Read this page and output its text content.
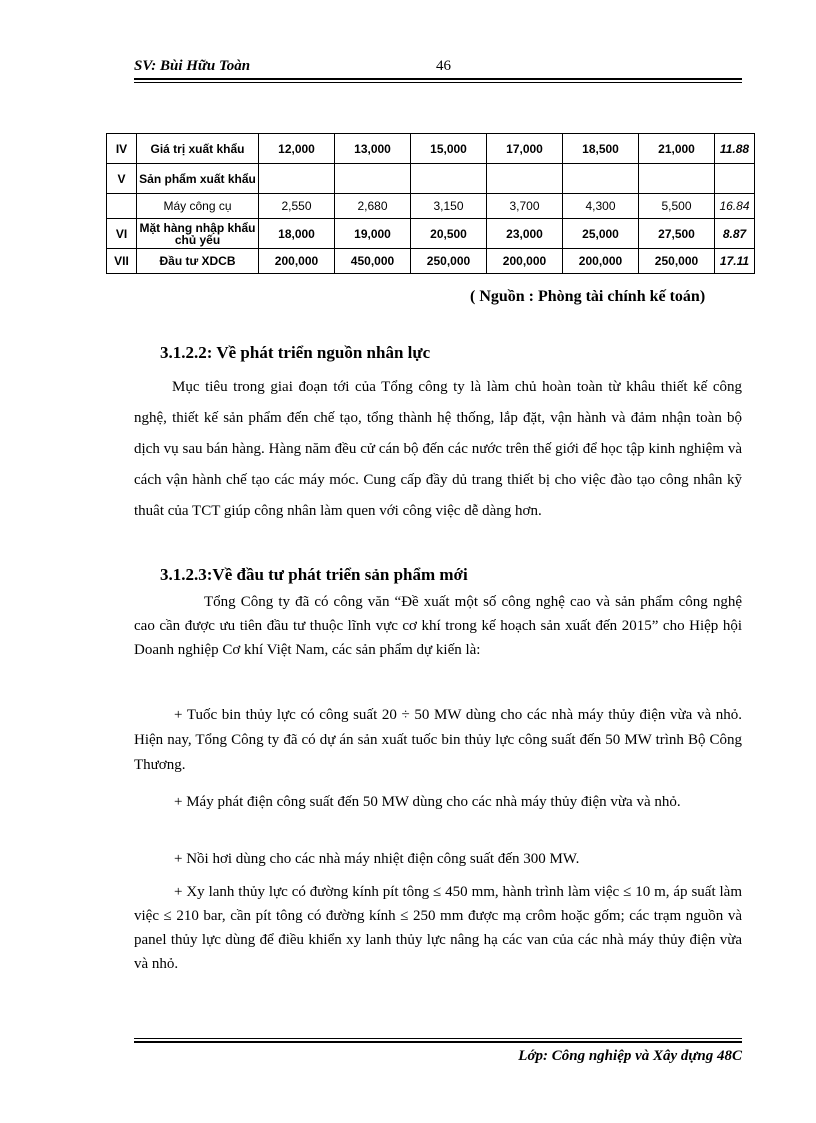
SV: Bùi Hữu Toàn	46
IV	Giá trị xuất khẩu	12,000	13,000	15,000	17,000	18,500	21,000	11.88
V	Sản phẩm xuất khẩu							
	Máy công cụ	2,550	2,680	3,150	3,700	4,300	5,500	16.84
VI	Mặt hàng nhập khẩu chủ yếu	18,000	19,000	20,500	23,000	25,000	27,500	8.87
VII	Đầu tư XDCB	200,000	450,000	250,000	200,000	200,000	250,000	17.11
( Nguồn : Phòng tài chính kế toán)
3.1.2.2: Về phát triển nguồn nhân lực

Mục tiêu trong giai đoạn tới của Tổng công ty là làm chủ hoàn toàn từ khâu thiết kế công nghệ, thiết kế sản phẩm đến chế tạo, tổng thành hệ thống, lắp đặt, vận hành và đảm nhận toàn bộ dịch vụ sau bán hàng. Hàng năm đều cử cán bộ đến các nước trên thế giới để học tập kinh nghiệm và cách vận hành chế tạo các máy móc. Cung cấp đầy dủ trang thiết bị cho việc đào tạo công nhân kỹ thuât của TCT giúp công nhân làm quen với công việc dễ dàng hơn.

3.1.2.3:Về đầu tư phát triển sản phẩm mới

Tổng Công ty đã có công văn “Đề xuất một số công nghệ cao và sản phẩm công nghệ cao cần được ưu tiên đầu tư thuộc lĩnh vực cơ khí trong kế hoạch sản xuất đến 2015” cho Hiệp hội Doanh nghiệp Cơ khí Việt Nam, các sản phẩm dự kiến là:

+ Tuốc bin thủy lực có công suất 20 ÷ 50 MW dùng cho các nhà máy thủy điện vừa và nhỏ. Hiện nay, Tổng Công ty đã có dự án sản xuất tuốc bin thủy lực công suất đến 50 MW trình Bộ Công Thương.

+ Máy phát điện công suất đến 50 MW dùng cho các nhà máy thủy điện vừa và nhỏ.

+ Nồi hơi dùng cho các nhà máy nhiệt điện công suất đến 300 MW.

+ Xy lanh thủy lực có đường kính pít tông ≤ 450 mm, hành trình làm việc ≤ 10 m, áp suất làm việc ≤ 210 bar, cần pít tông có đường kính ≤ 250 mm được mạ crôm hoặc gốm; các trạm nguồn và panel thủy lực dùng để điều khiển xy lanh thủy lực nâng hạ các van của các nhà máy thủy điện vừa và nhỏ.

Lớp: Công nghiệp và Xây dựng 48C
